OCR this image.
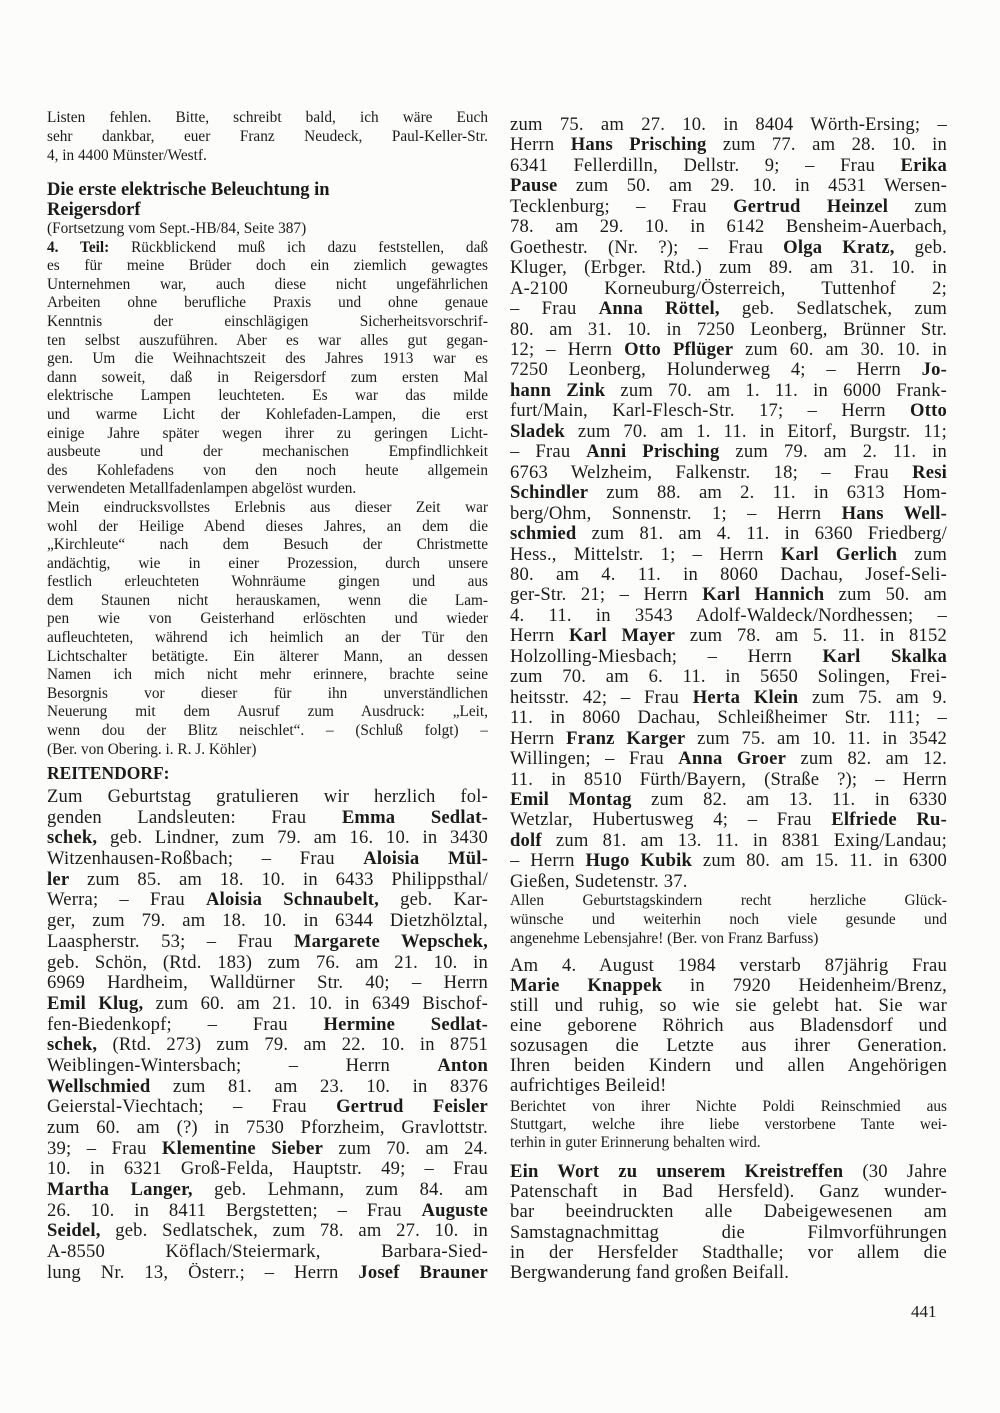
Listen fehlen. Bitte, schreibt bald, ich wäre Euch
sehr dankbar, euer Franz Neudeck, Paul-Keller-Str.
4, in 4400 Münster/Westf.
Die erste elektrische Beleuchtung in
Reigersdorf
(Fortsetzung vom Sept.-HB/84, Seite 387)
4. Teil: Rückblickend muß ich dazu feststellen, daß
es für meine Brüder doch ein ziemlich gewagtes
Unternehmen war, auch diese nicht ungefährlichen
Arbeiten ohne berufliche Praxis und ohne genaue
Kenntnis der einschlägigen Sicherheitsvorschrif-
ten selbst auszuführen. Aber es war alles gut gegan-
gen. Um die Weihnachtszeit des Jahres 1913 war es
dann soweit, daß in Reigersdorf zum ersten Mal
elektrische Lampen leuchteten. Es war das milde
und warme Licht der Kohlefaden-Lampen, die erst
einige Jahre später wegen ihrer zu geringen Licht-
ausbeute und der mechanischen Empfindlichkeit
des Kohlefadens von den noch heute allgemein
verwendeten Metallfadenlampen abgelöst wurden.
Mein eindrucksvollstes Erlebnis aus dieser Zeit war
wohl der Heilige Abend dieses Jahres, an dem die
„Kirchleute“ nach dem Besuch der Christmette
andächtig, wie in einer Prozession, durch unsere
festlich erleuchteten Wohnräume gingen und aus
dem Staunen nicht herauskamen, wenn die Lam-
pen wie von Geisterhand erlöschten und wieder
aufleuchteten, während ich heimlich an der Tür den
Lichtschalter betätigte. Ein älterer Mann, an dessen
Namen ich mich nicht mehr erinnere, brachte seine
Besorgnis vor dieser für ihn unverständlichen
Neuerung mit dem Ausruf zum Ausdruck: „Leit,
wenn dou der Blitz neischlet“. – (Schluß folgt) –
(Ber. von Obering. i. R. J. Köhler)
REITENDORF:
Zum Geburtstag gratulieren wir herzlich fol-
genden Landsleuten: Frau Emma Sedlat-
schek, geb. Lindner, zum 79. am 16. 10. in 3430
Witzenhausen-Roßbach; – Frau Aloisia Mül-
ler zum 85. am 18. 10. in 6433 Philippsthal/
Werra; – Frau Aloisia Schnaubelt, geb. Kar-
ger, zum 79. am 18. 10. in 6344 Dietzhölztal,
Laaspherstr. 53; – Frau Margarete Wepschek,
geb. Schön, (Rtd. 183) zum 76. am 21. 10. in
6969 Hardheim, Walldürner Str. 40; – Herrn
Emil Klug, zum 60. am 21. 10. in 6349 Bischof-
fen-Biedenkopf; – Frau Hermine Sedlat-
schek, (Rtd. 273) zum 79. am 22. 10. in 8751
Weiblingen-Wintersbach; – Herrn Anton
Wellschmied zum 81. am 23. 10. in 8376
Geierstal-Viechtach; – Frau Gertrud Feisler
zum 60. am (?) in 7530 Pforzheim, Gravlottstr.
39; – Frau Klementine Sieber zum 70. am 24.
10. in 6321 Groß-Felda, Hauptstr. 49; – Frau
Martha Langer, geb. Lehmann, zum 84. am
26. 10. in 8411 Bergstetten; – Frau Auguste
Seidel, geb. Sedlatschek, zum 78. am 27. 10. in
A-8550 Köflach/Steiermark, Barbara-Sied-
lung Nr. 13, Österr.; – Herrn Josef Brauner
zum 75. am 27. 10. in 8404 Wörth-Ersing; –
Herrn Hans Prisching zum 77. am 28. 10. in
6341 Fellerdilln, Dellstr. 9; – Frau Erika
Pause zum 50. am 29. 10. in 4531 Wersen-
Tecklenburg; – Frau Gertrud Heinzel zum
78. am 29. 10. in 6142 Bensheim-Auerbach,
Goethestr. (Nr. ?); – Frau Olga Kratz, geb.
Kluger, (Erbger. Rtd.) zum 89. am 31. 10. in
A-2100 Korneuburg/Österreich, Tuttenhof 2;
– Frau Anna Röttel, geb. Sedlatschek, zum
80. am 31. 10. in 7250 Leonberg, Brünner Str.
12; – Herrn Otto Pflüger zum 60. am 30. 10. in
7250 Leonberg, Holunderweg 4; – Herrn Jo-
hann Zink zum 70. am 1. 11. in 6000 Frank-
furt/Main, Karl-Flesch-Str. 17; – Herrn Otto
Sladek zum 70. am 1. 11. in Eitorf, Burgstr. 11;
– Frau Anni Prisching zum 79. am 2. 11. in
6763 Welzheim, Falkenstr. 18; – Frau Resi
Schindler zum 88. am 2. 11. in 6313 Hom-
berg/Ohm, Sonnenstr. 1; – Herrn Hans Well-
schmied zum 81. am 4. 11. in 6360 Friedberg/
Hess., Mittelstr. 1; – Herrn Karl Gerlich zum
80. am 4. 11. in 8060 Dachau, Josef-Seli-
ger-Str. 21; – Herrn Karl Hannich zum 50. am
4. 11. in 3543 Adolf-Waldeck/Nordhessen; –
Herrn Karl Mayer zum 78. am 5. 11. in 8152
Holzolling-Miesbach; – Herrn Karl Skalka
zum 70. am 6. 11. in 5650 Solingen, Frei-
heitsstr. 42; – Frau Herta Klein zum 75. am 9.
11. in 8060 Dachau, Schleißheimer Str. 111; –
Herrn Franz Karger zum 75. am 10. 11. in 3542
Willingen; – Frau Anna Groer zum 82. am 12.
11. in 8510 Fürth/Bayern, (Straße ?); – Herrn
Emil Montag zum 82. am 13. 11. in 6330
Wetzlar, Hubertusweg 4; – Frau Elfriede Ru-
dolf zum 81. am 13. 11. in 8381 Exing/Landau;
– Herrn Hugo Kubik zum 80. am 15. 11. in 6300
Gießen, Sudetenstr. 37.
Allen Geburtstagskindern recht herzliche Glück-
wünsche und weiterhin noch viele gesunde und
angenehme Lebensjahre! (Ber. von Franz Barfuss)
Am 4. August 1984 verstarb 87jährig Frau
Marie Knappek in 7920 Heidenheim/Brenz,
still und ruhig, so wie sie gelebt hat. Sie war
eine geborene Röhrich aus Bladensdorf und
sozusagen die Letzte aus ihrer Generation.
Ihren beiden Kindern und allen Angehörigen
aufrichtiges Beileid!
Berichtet von ihrer Nichte Poldi Reinschmied aus
Stuttgart, welche ihre liebe verstorbene Tante wei-
terhin in guter Erinnerung behalten wird.
Ein Wort zu unserem Kreistreffen (30 Jahre
Patenschaft in Bad Hersfeld). Ganz wunder-
bar beeindruckten alle Dabeigewesenen am
Samstagnachmittag die Filmvorführungen
in der Hersfelder Stadthalle; vor allem die
Bergwanderung fand großen Beifall.
441
